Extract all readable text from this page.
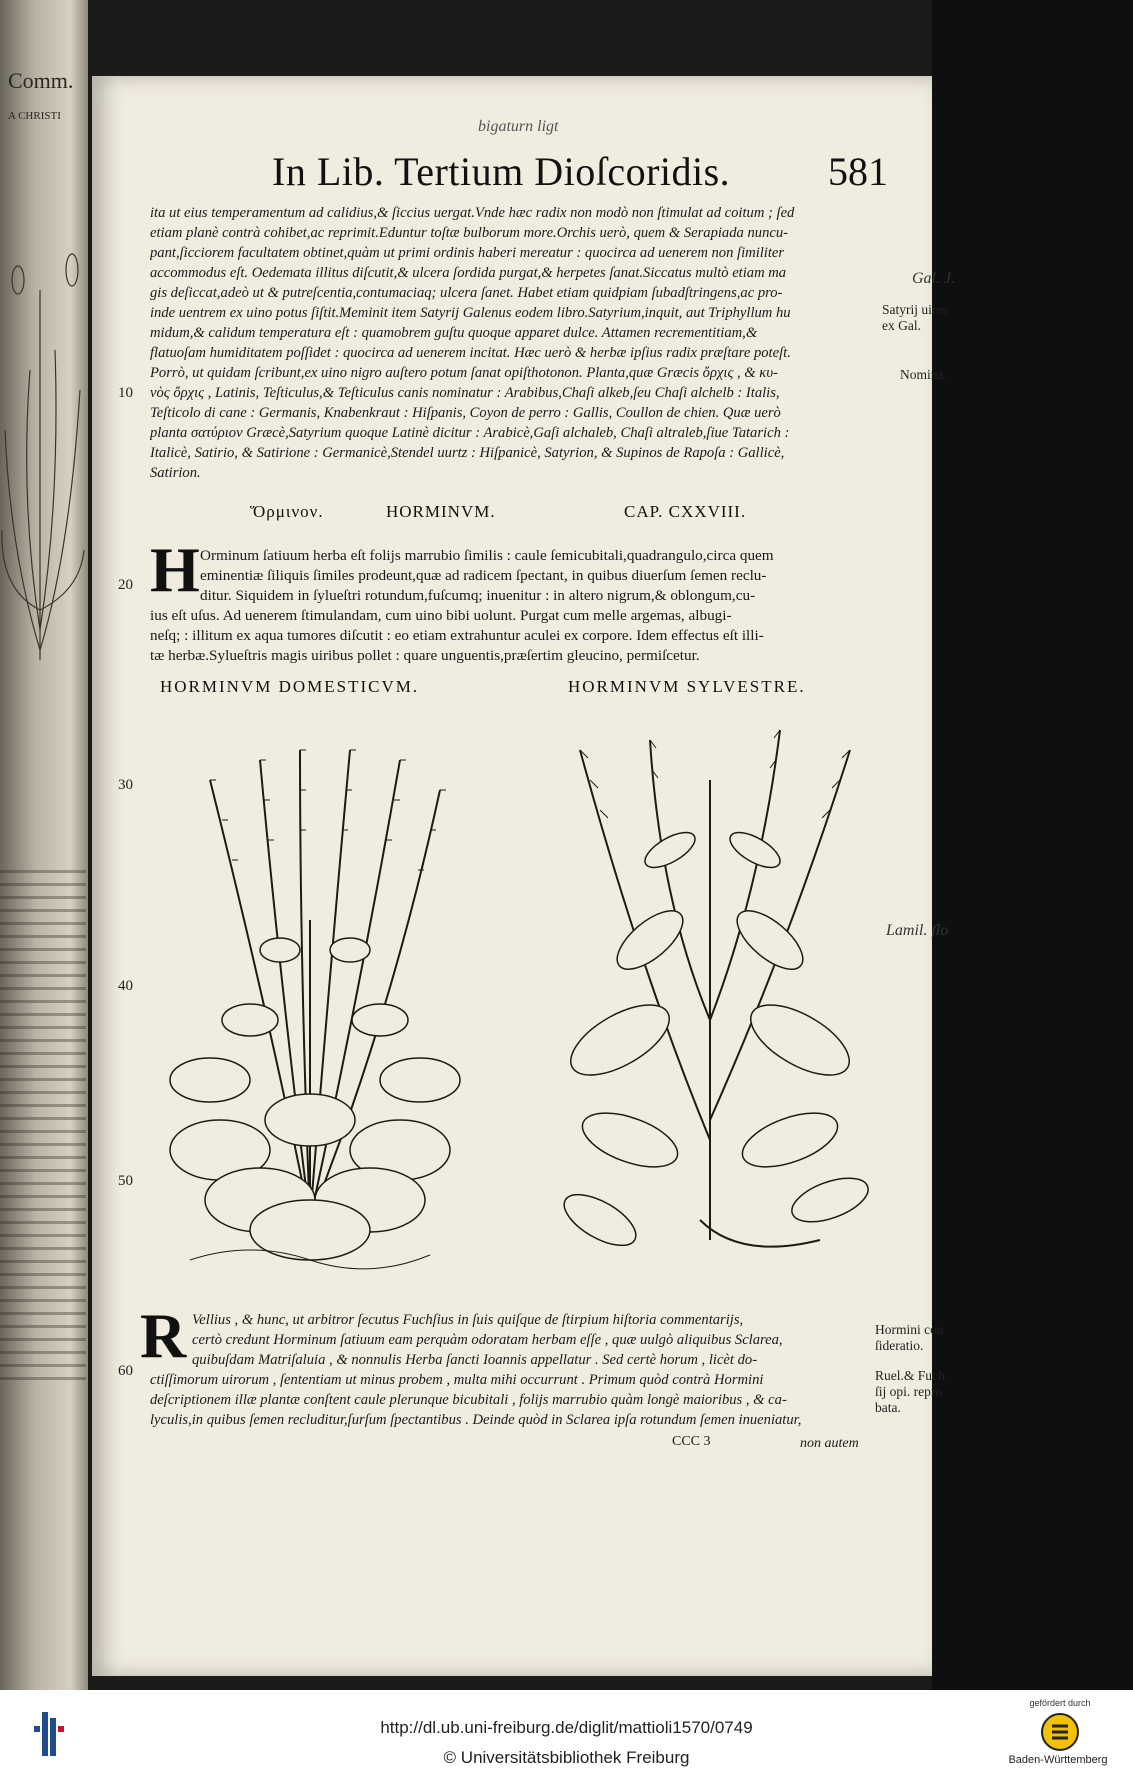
Comm.
A CHRISTI
bigaturn ligt
In Lib. Tertium Dioſcoridis. 581
ita ut eius temperamentum ad calidius,& ſiccius uergat.Vnde hæc radix non modò non ſtimulat ad coitum ; ſed
etiam planè contrà cohibet,ac reprimit.Eduntur toſtæ bulborum more.Orchis uerò, quem & Serapiada nuncu-
pant,ſicciorem facultatem obtinet,quàm ut primi ordinis haberi mereatur : quocirca ad uenerem non ſimiliter
accommodus eſt. Oedemata illitus diſcutit,& ulcera ſordida purgat,& herpetes ſanat.Siccatus multò etiam ma
gis deſiccat,adeò ut & putreſcentia,contumaciaq; ulcera ſanet. Habet etiam quidpiam ſubadſtringens,ac pro-
inde uentrem ex uino potus ſiſtit.Meminit item Satyrij Galenus eodem libro.Satyrium,inquit, aut Triphyllum hu
midum,& calidum temperatura eſt : quamobrem guſtu quoque apparet dulce. Attamen recrementitiam,&
flatuoſam humiditatem poſſidet : quocirca ad uenerem incitat. Hæc uerò & herbæ ipſius radix præſtare poteſt.
Porrò, ut quidam ſcribunt,ex uino nigro auſtero potum ſanat opiſthotonon. Planta,quæ Græcis ὄρχις , & κυ-
νὸς ὄρχις , Latinis, Teſticulus,& Teſticulus canis nominatur : Arabibus,Chaſi alkeb,ſeu Chaſi alchelb : Italis,
Teſticolo di cane : Germanis, Knabenkraut : Hiſpanis, Coyon de perro : Gallis, Coullon de chien. Quæ uerò
planta σατύριον Græcè,Satyrium quoque Latinè dicitur : Arabicè,Gaſi alchaleb, Chaſi altraleb,ſiue Tatarich :
Italicè, Satirio, & Satirione : Germanicè,Stendel uurtz : Hiſpanicè, Satyrion, & Supinos de Rapoſa : Gallicè,
Satirion.
10
20
30
40
50
60
Gal. J.
Satyrij uires ex Gal.
Nomina.
Lamil. flo
Ὅρμινον.	HORMINVM.	CAP. CXXVIII.
H Orminum ſatiuum herba eſt folijs marrubio ſimilis : caule ſemicubitali,quadrangulo,circa quem
eminentiæ ſiliquis ſimiles prodeunt,quæ ad radicem ſpectant, in quibus diuerſum ſemen reclu-
ditur. Siquidem in ſylueſtri rotundum,fuſcumq; inuenitur : in altero nigrum,& oblongum,cu-
ius eſt uſus. Ad uenerem ſtimulandam, cum uino bibi uolunt. Purgat cum melle argemas, albugi-
neſq; : illitum ex aqua tumores diſcutit : eo etiam extrahuntur aculei ex corpore. Idem effectus eſt illi-
tæ herbæ.Sylueſtris magis uiribus pollet : quare unguentis,præſertim gleucino, permiſcetur.
HORMINVM DOMESTICVM.	HORMINVM SYLVESTRE.
R Vellius , & hunc, ut arbitror ſecutus Fuchſius in ſuis quiſque de ſtirpium hiſtoria commentarijs,
certò credunt Horminum ſatiuum eam perquàm odoratam herbam eſſe , quæ uulgò aliquibus Sclarea,
quibuſdam Matriſaluia , & nonnulis Herba ſancti Ioannis appellatur . Sed certè horum , licèt do-
ctiſſimorum uirorum , ſententiam ut minus probem , multa mihi occurrunt . Primum quòd contrà Hormini
deſcriptionem illæ plantæ conſtent caule plerunque bicubitali , folijs marrubio quàm longè maioribus , & ca-
lyculis,in quibus ſemen recluditur,ſurſum ſpectantibus . Deinde quòd in Sclarea ipſa rotundum ſemen inueniatur,
Hormini con ſideratio.
Ruel.& Fuch ſij opi. repro bata.
CCC 3	non autem
http://dl.ub.uni-freiburg.de/diglit/mattioli1570/0749
© Universitätsbibliothek Freiburg
gefördert durch
Baden-Württemberg
